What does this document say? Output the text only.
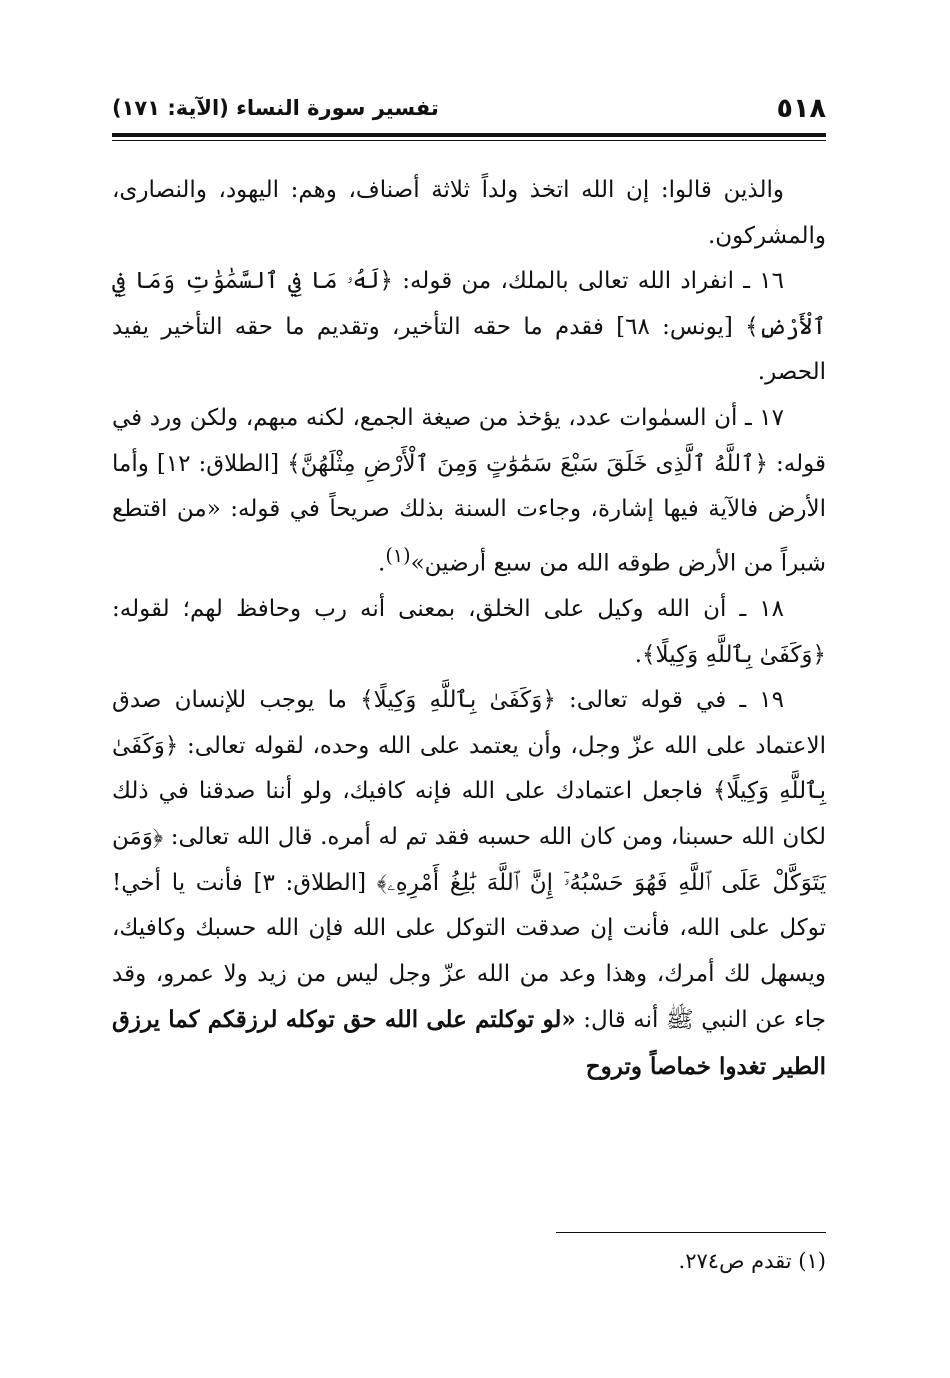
٥١٨
تفسير سورة النساء (الآية: ١٧١)

والذين قالوا: إن الله اتخذ ولداً ثلاثة أصناف، وهم: اليهود، والنصارى، والمشركون.

١٦ ـ انفراد الله تعالى بالملك، من قوله: ﴿لَهُۥ مَا فِي ٱلسَّمَٰوَٰتِ وَمَا فِي ٱلْأَرْضِ﴾ [يونس: ٦٨] فقدم ما حقه التأخير، وتقديم ما حقه التأخير يفيد الحصر.

١٧ ـ أن السمٰوات عدد، يؤخذ من صيغة الجمع، لكنه مبهم، ولكن ورد في قوله: ﴿ٱللَّهُ ٱلَّذِى خَلَقَ سَبْعَ سَمَٰوَٰتٍ وَمِنَ ٱلْأَرْضِ مِثْلَهُنَّ﴾ [الطلاق: ١٢] وأما الأرض فالآية فيها إشارة، وجاءت السنة بذلك صريحاً في قوله: «من اقتطع شبراً من الأرض طوقه الله من سبع أرضين»$^{(١)}$.

١٨ ـ أن الله وكيل على الخلق، بمعنى أنه رب وحافظ لهم؛ لقوله: ﴿وَكَفَىٰ بِٱللَّهِ وَكِيلًا﴾.

١٩ ـ في قوله تعالى: ﴿وَكَفَىٰ بِٱللَّهِ وَكِيلًا﴾ ما يوجب للإنسان صدق الاعتماد على الله عزّ وجل، وأن يعتمد على الله وحده، لقوله تعالى: ﴿وَكَفَىٰ بِٱللَّهِ وَكِيلًا﴾ فاجعل اعتمادك على الله فإنه كافيك، ولو أننا صدقنا في ذلك لكان الله حسبنا، ومن كان الله حسبه فقد تم له أمره. قال الله تعالى: ﴿وَمَن يَتَوَكَّلْ عَلَى ٱللَّهِ فَهُوَ حَسْبُهُۥٓ إِنَّ ٱللَّهَ بَٰلِغُ أَمْرِهِۦ﴾ [الطلاق: ٣] فأنت يا أخي! توكل على الله، فأنت إن صدقت التوكل على الله فإن الله حسبك وكافيك، ويسهل لك أمرك، وهذا وعد من الله عزّ وجل ليس من زيد ولا عمرو، وقد جاء عن النبي ﷺ أنه قال: «لو توكلتم على الله حق توكله لرزقكم كما يرزق الطير تغدوا خماصاً وتروح

(١) تقدم ص٢٧٤.
